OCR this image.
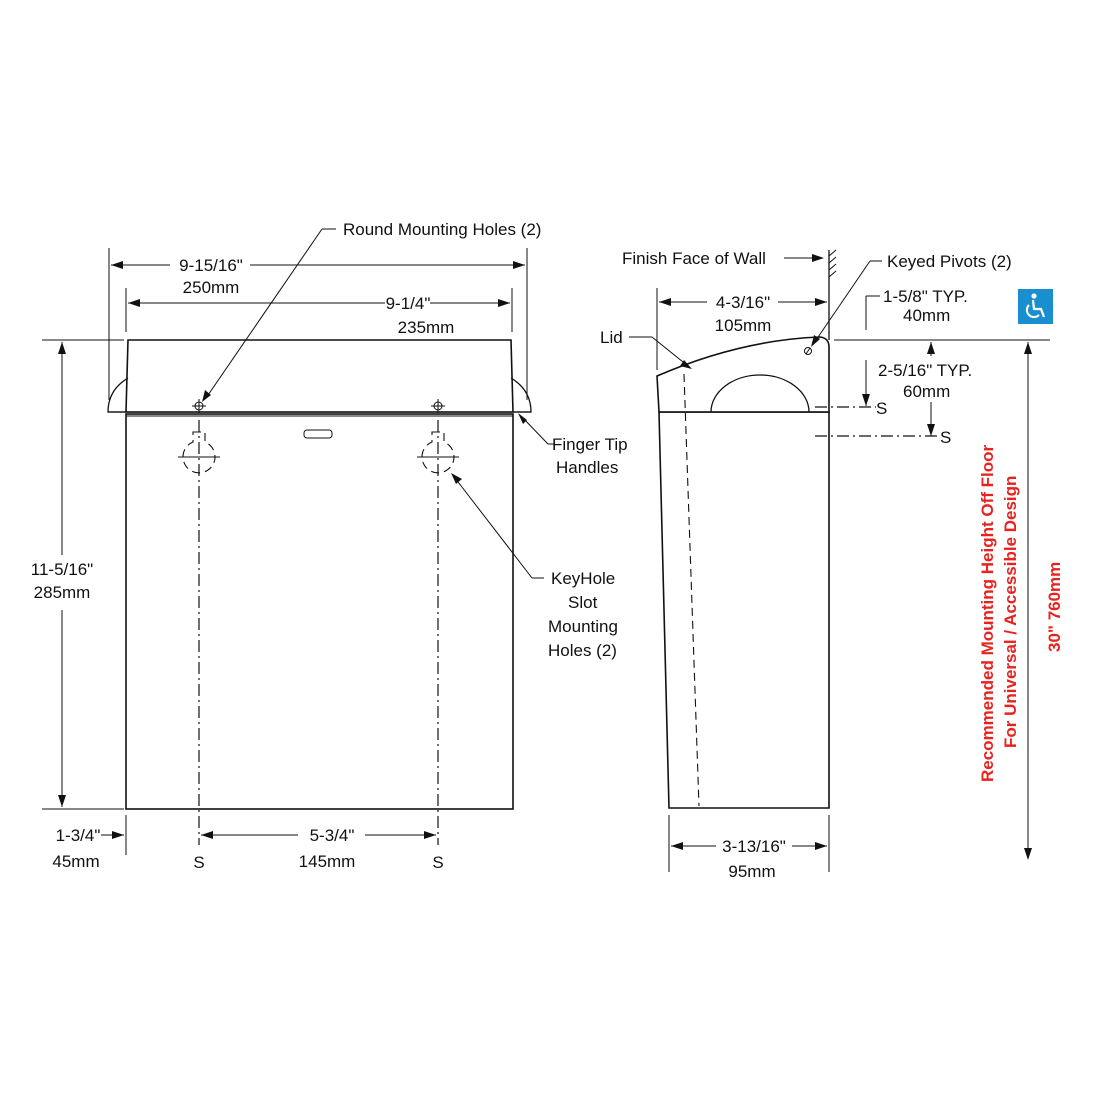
9-15/16"
250mm
9-1/4"
235mm
Round Mounting Holes (2)
11-5/16"
285mm
Finger Tip
Handles
KeyHole
Slot
Mounting
Holes (2)
1-3/4"
45mm
5-3/4"
145mm
S	S
Finish Face of Wall	Keyed Pivots (2)
Lid
4-3/16"
105mm
1-5/8" TYP.
40mm
2-5/16" TYP.
60mm
S
S
3-13/16"
95mm
Recommended Mounting Height Off Floor For Universal / Accessible Design 30" 760mm
